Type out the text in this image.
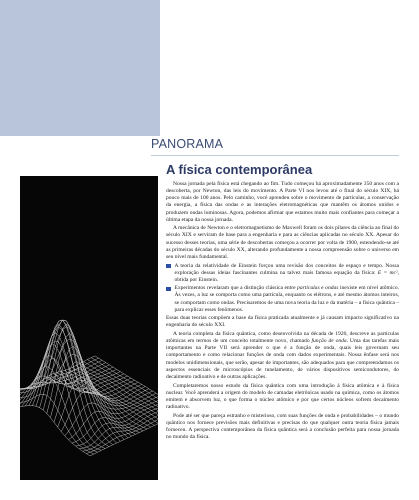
PANORAMA
A física contemporânea

Nossa jornada pela física está chegando ao fim. Tudo começou há aproximadamente 350 anos com a descoberta, por Newton, das leis do movimento. A Parte VI nos levou até o final do século XIX, há pouco mais de 100 anos. Pelo caminho, você aprendeu sobre o movimento de partículas, a conservação da energia, a física das ondas e as interações eletromagnéticas que mantêm os átomos unidos e produzem ondas luminosas. Agora, podemos afirmar que estamos muito mais confiantes para começar a última etapa da nossa jornada.

A mecânica de Newton e o eletromagnetismo de Maxwell foram os dois pilares da ciência ao final do século XIX e serviram de base para a engenharia e para as ciências aplicadas no século XX. Apesar do sucesso desses teorias, uma série de descobertas começou a ocorrer por volta de 1900, estendendo-se até as primeiras décadas do século XX, alterando profundamente a nossa compreensão sobre o universo em seu nível mais fundamental.

A teoria da relatividade de Einstein forçou uma revisão dos conceitos de espaço e tempo. Nossa exploração dessas ideias fascinantes culmina na talvez mais famosa equação da física: E = mc², obtida por Einstein.
Experimentos revelaram que a distinção clássica entre partículas e ondas inexiste em nível atômico. Às vezes, a luz se comporta como uma partícula, enquanto os elétrons, e até mesmo átomos inteiros, se comportam como ondas. Precisaremos de uma nova teoria da luz e da matéria – a física quântica – para explicar esses fenômenos.

Essas duas teorias compõem a base da física praticada atualmente e já causam impacto significativo na engenharia do século XXI.

A teoria completa da física quântica, como desenvolvida na década de 1920, descreve as partículas atômicas em termos de um conceito totalmente novo, chamado função de onda. Uma das tarefas mais importantes na Parte VII será aprender o que é a função de onda, quais leis governam seu comportamento e como relacionar funções de onda com dados experimentais. Nossa ênfase será nos modelos unidimensionais, que serão, apesar de importantes, são adequados para que compreendamos os aspectos essenciais de microscópios de tunelamento, de vários dispositivos semicondutores, do decaimento radioativo e de outras aplicações.

Completaremos nosso estudo da física quântica com uma introdução à física atômica e à física nuclear. Você aprenderá a origem do modelo de camadas eletrônicas usado na química, como os átomos emitem e absorvem luz, o que forma o núcleo atômico e por que certos núcleos sofrem decaimento radioativo.

Pode até ser que pareça estranho e misterioso, com suas funções de onda e probabilidades – o mundo quântico nos fornece previsões mais definitivas e precisas do que qualquer outra teoria física jamais forneceu. A perspectiva contemporânea da física quântica será a conclusão perfeita para nossa jornada no mundo da física.
